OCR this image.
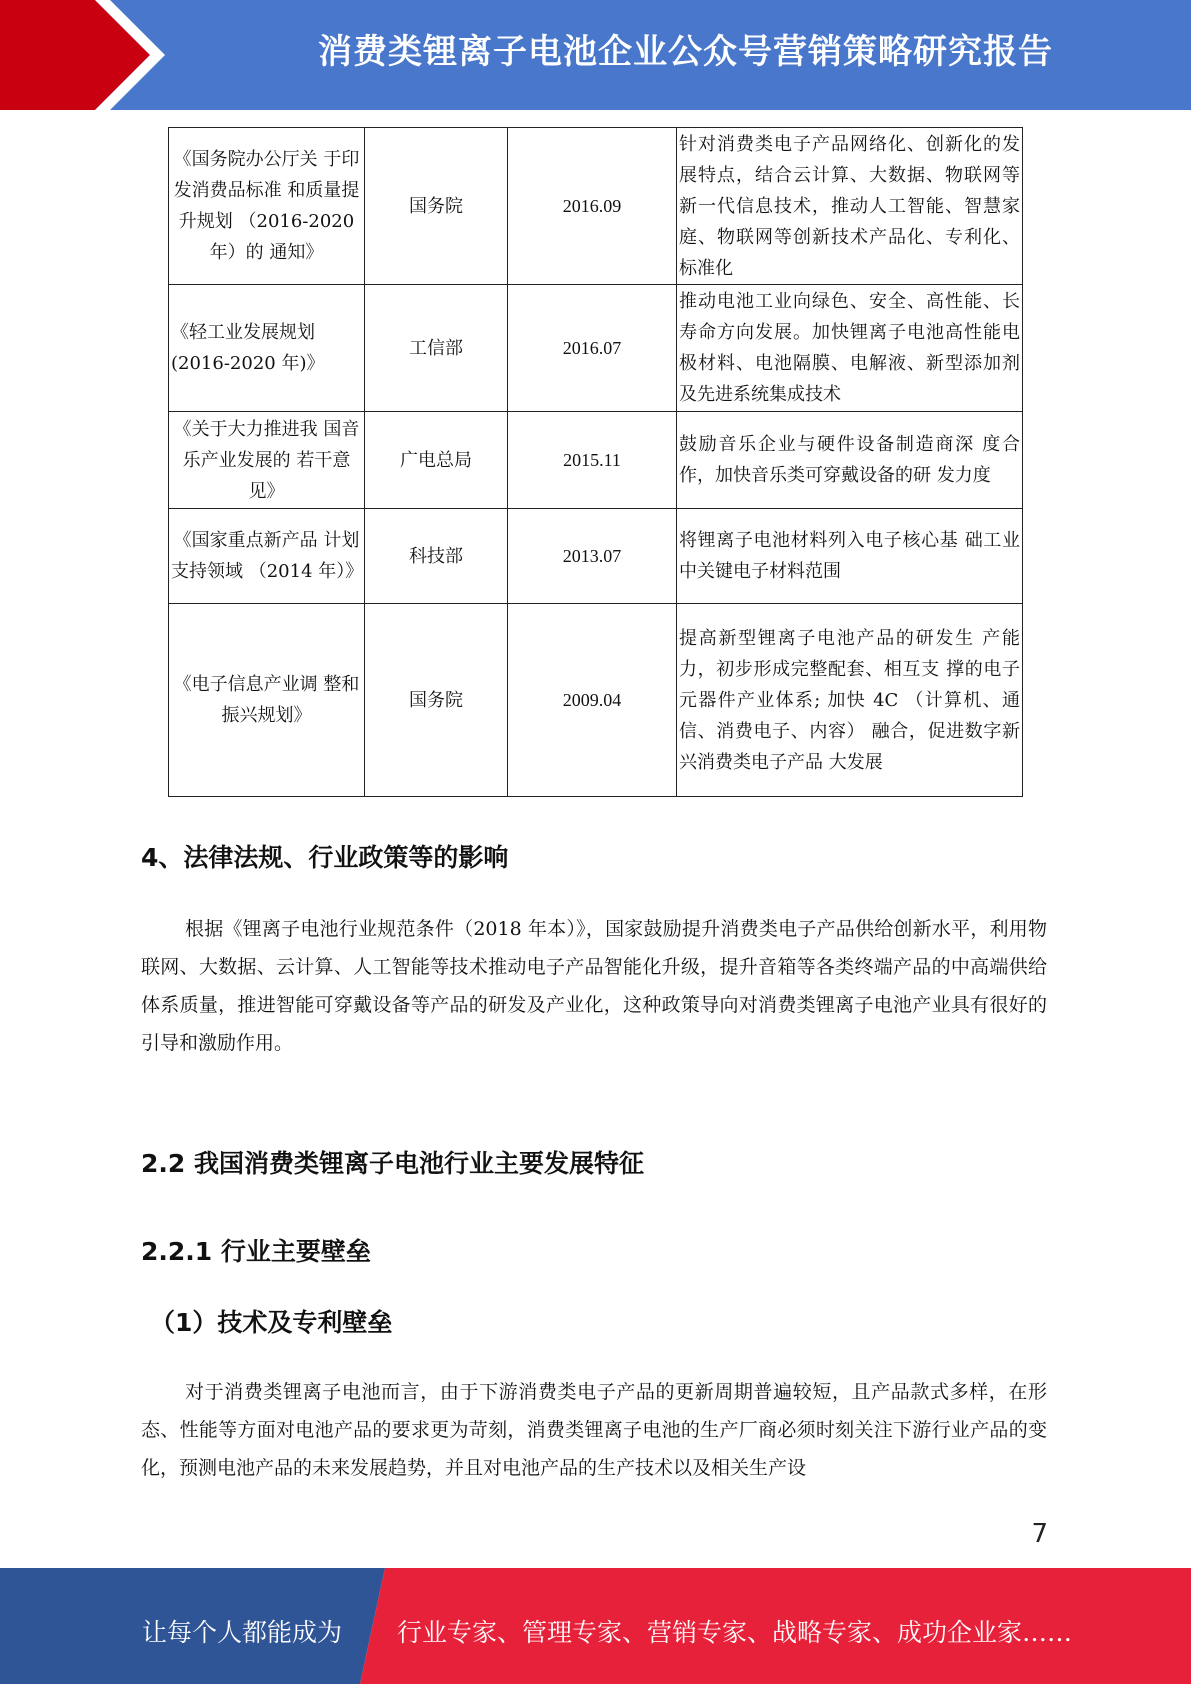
消费类锂离子电池企业公众号营销策略研究报告
《国务院办公厅关 于印发消费品标准 和质量提升规划 （2016-2020 年）的 通知》	国务院	2016.09	针对消费类电子产品网络化、创新化的发展特点，结合云计算、大数据、物联网等新一代信息技术，推动人工智能、智慧家庭、物联网等创新技术产品化、专利化、标准化
《轻工业发展规划 (2016-2020 年)》	工信部	2016.07	推动电池工业向绿色、安全、高性能、长寿命方向发展。加快锂离子电池高性能电极材料、电池隔膜、电解液、新型添加剂及先进系统集成技术
《关于大力推进我 国音乐产业发展的 若干意见》	广电总局	2015.11	鼓励音乐企业与硬件设备制造商深 度合作，加快音乐类可穿戴设备的研 发力度
《国家重点新产品 计划支持领域 （2014 年）》	科技部	2013.07	将锂离子电池材料列入电子核心基 础工业中关键电子材料范围
《电子信息产业调 整和振兴规划》	国务院	2009.04	提高新型锂离子电池产品的研发生 产能力，初步形成完整配套、相互支 撑的电子元器件产业体系; 加快 4C （计算机、通信、消费电子、内容） 融合，促进数字新兴消费类电子产品 大发展
4、法律法规、行业政策等的影响
根据《锂离子电池行业规范条件（2018 年本）》，国家鼓励提升消费类电子产品供给创新水平，利用物联网、大数据、云计算、人工智能等技术推动电子产品智能化升级，提升音箱等各类终端产品的中高端供给体系质量，推进智能可穿戴设备等产品的研发及产业化，这种政策导向对消费类锂离子电池产业具有很好的引导和激励作用。
2.2 我国消费类锂离子电池行业主要发展特征
2.2.1 行业主要壁垒
（1）技术及专利壁垒
对于消费类锂离子电池而言，由于下游消费类电子产品的更新周期普遍较短，且产品款式多样，在形态、性能等方面对电池产品的要求更为苛刻，消费类锂离子电池的生产厂商必须时刻关注下游行业产品的变化，预测电池产品的未来发展趋势，并且对电池产品的生产技术以及相关生产设
7
让每个人都能成为 行业专家、管理专家、营销专家、战略专家、成功企业家……
